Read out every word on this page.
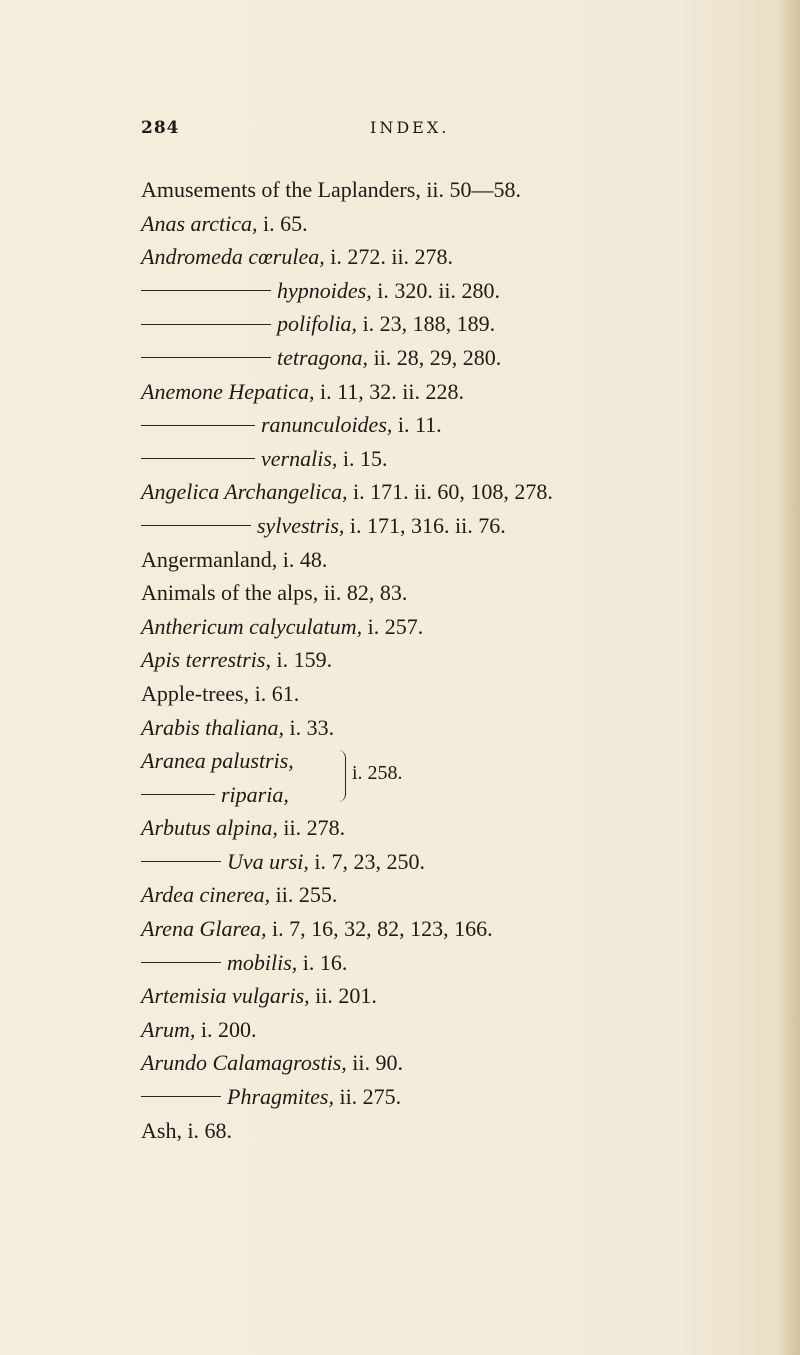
284	INDEX.
Amusements of the Laplanders, ii. 50—58.
Anas arctica, i. 65.
Andromeda cœrulea, i. 272. ii. 278.
hypnoides, i. 320. ii. 280.
polifolia, i. 23, 188, 189.
tetragona, ii. 28, 29, 280.
Anemone Hepatica, i. 11, 32. ii. 228.
ranunculoides, i. 11.
vernalis, i. 15.
Angelica Archangelica, i. 171. ii. 60, 108, 278.
sylvestris, i. 171, 316. ii. 76.
Angermanland, i. 48.
Animals of the alps, ii. 82, 83.
Anthericum calyculatum, i. 257.
Apis terrestris, i. 159.
Apple-trees, i. 61.
Arabis thaliana, i. 33.
Aranea palustris,
riparia,
i. 258.
Arbutus alpina, ii. 278.
Uva ursi, i. 7, 23, 250.
Ardea cinerea, ii. 255.
Arena Glarea, i. 7, 16, 32, 82, 123, 166.
mobilis, i. 16.
Artemisia vulgaris, ii. 201.
Arum, i. 200.
Arundo Calamagrostis, ii. 90.
Phragmites, ii. 275.
Ash, i. 68.
